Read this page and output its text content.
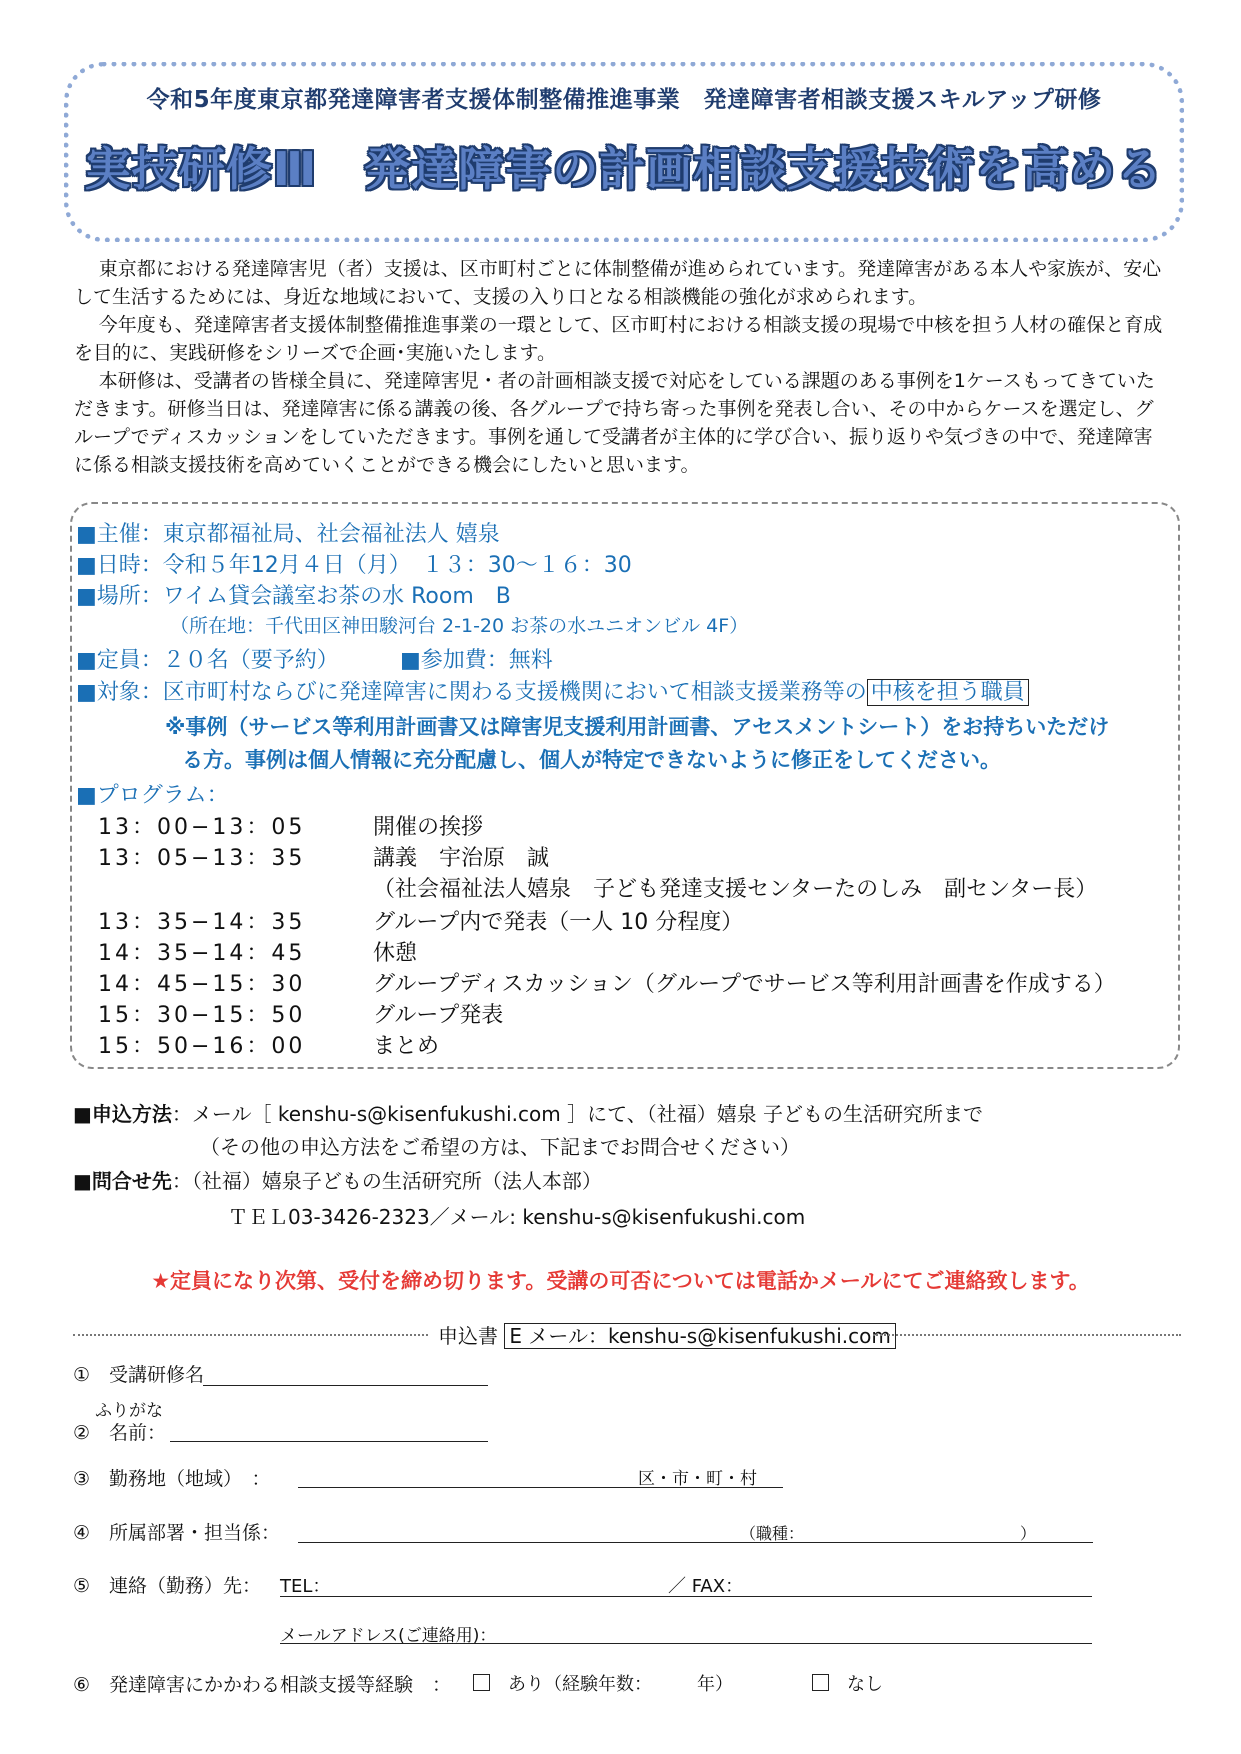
令和5年度東京都発達障害者支援体制整備推進事業　発達障害者相談支援スキルアップ研修
実技研修Ⅲ　発達障害の計画相談支援技術を高める

東京都における発達障害児（者）支援は、区市町村ごとに体制整備が進められています。発達障害がある本人や家族が、安心して生活するためには、身近な地域において、支援の入り口となる相談機能の強化が求められます。

今年度も、発達障害者支援体制整備推進事業の一環として、区市町村における相談支援の現場で中核を担う人材の確保と育成を目的に、実践研修をシリーズで企画･実施いたします。

本研修は、受講者の皆様全員に、発達障害児・者の計画相談支援で対応をしている課題のある事例を1ケースもってきていただきます。研修当日は、発達障害に係る講義の後、各グループで持ち寄った事例を発表し合い、その中からケースを選定し、グループでディスカッションをしていただきます。事例を通して受講者が主体的に学び合い、振り返りや気づきの中で、発達障害に係る相談支援技術を高めていくことができる機会にしたいと思います。

■主催：東京都福祉局、社会福祉法人 嬉泉
■日時：令和５年12月４日（月）　１３：30～１６：30
■場所：ワイム貸会議室お茶の水 Room　B
（所在地：千代田区神田駿河台 2-1-20 お茶の水ユニオンビル 4F）
■定員：２０名（要予約）	■参加費：無料
■対象：区市町村ならびに発達障害に関わる支援機関において相談支援業務等の 中核を担う職員
※事例（サービス等利用計画書又は障害児支援利用計画書、アセスメントシート）をお持ちいただけ
る方。事例は個人情報に充分配慮し、個人が特定できないように修正をしてください。
■プログラム：
13：00−13：05	開催の挨拶
13：05−13：35	講義　宇治原　誠
（社会福祉法人嬉泉　子ども発達支援センターたのしみ　副センター長）
13：35−14：35	グループ内で発表（一人 10 分程度）
14：35−14：45	休憩
14：45−15：30	グループディスカッション（グループでサービス等利用計画書を作成する）
15：30−15：50	グループ発表
15：50−16：00	まとめ
■申込方法：メール［ kenshu-s@kisenfukushi.com ］にて、（社福）嬉泉 子どもの生活研究所まで
（その他の申込方法をご希望の方は、下記までお問合せください）
■問合せ先：（社福）嬉泉子どもの生活研究所（法人本部）
ＴＥＬ03-3426-2323／メール: kenshu-s@kisenfukushi.com
★定員になり次第、受付を締め切ります。受講の可否については電話かメールにてご連絡致します。
申込書 E メール：kenshu-s@kisenfukushi.com
①　受講研修名
ふりがな
②　名前：
③　勤務地（地域）　：	区・市・町・村
④　所属部署・担当係：	（職種：　　　　　　　　　　　　　　）
⑤　連絡（勤務）先： TEL：	／ FAX：
メールアドレス(ご連絡用)：
⑥　発達障害にかかわる相談支援等経験　：
　	あり（経験年数：　　　年）
　	なし
